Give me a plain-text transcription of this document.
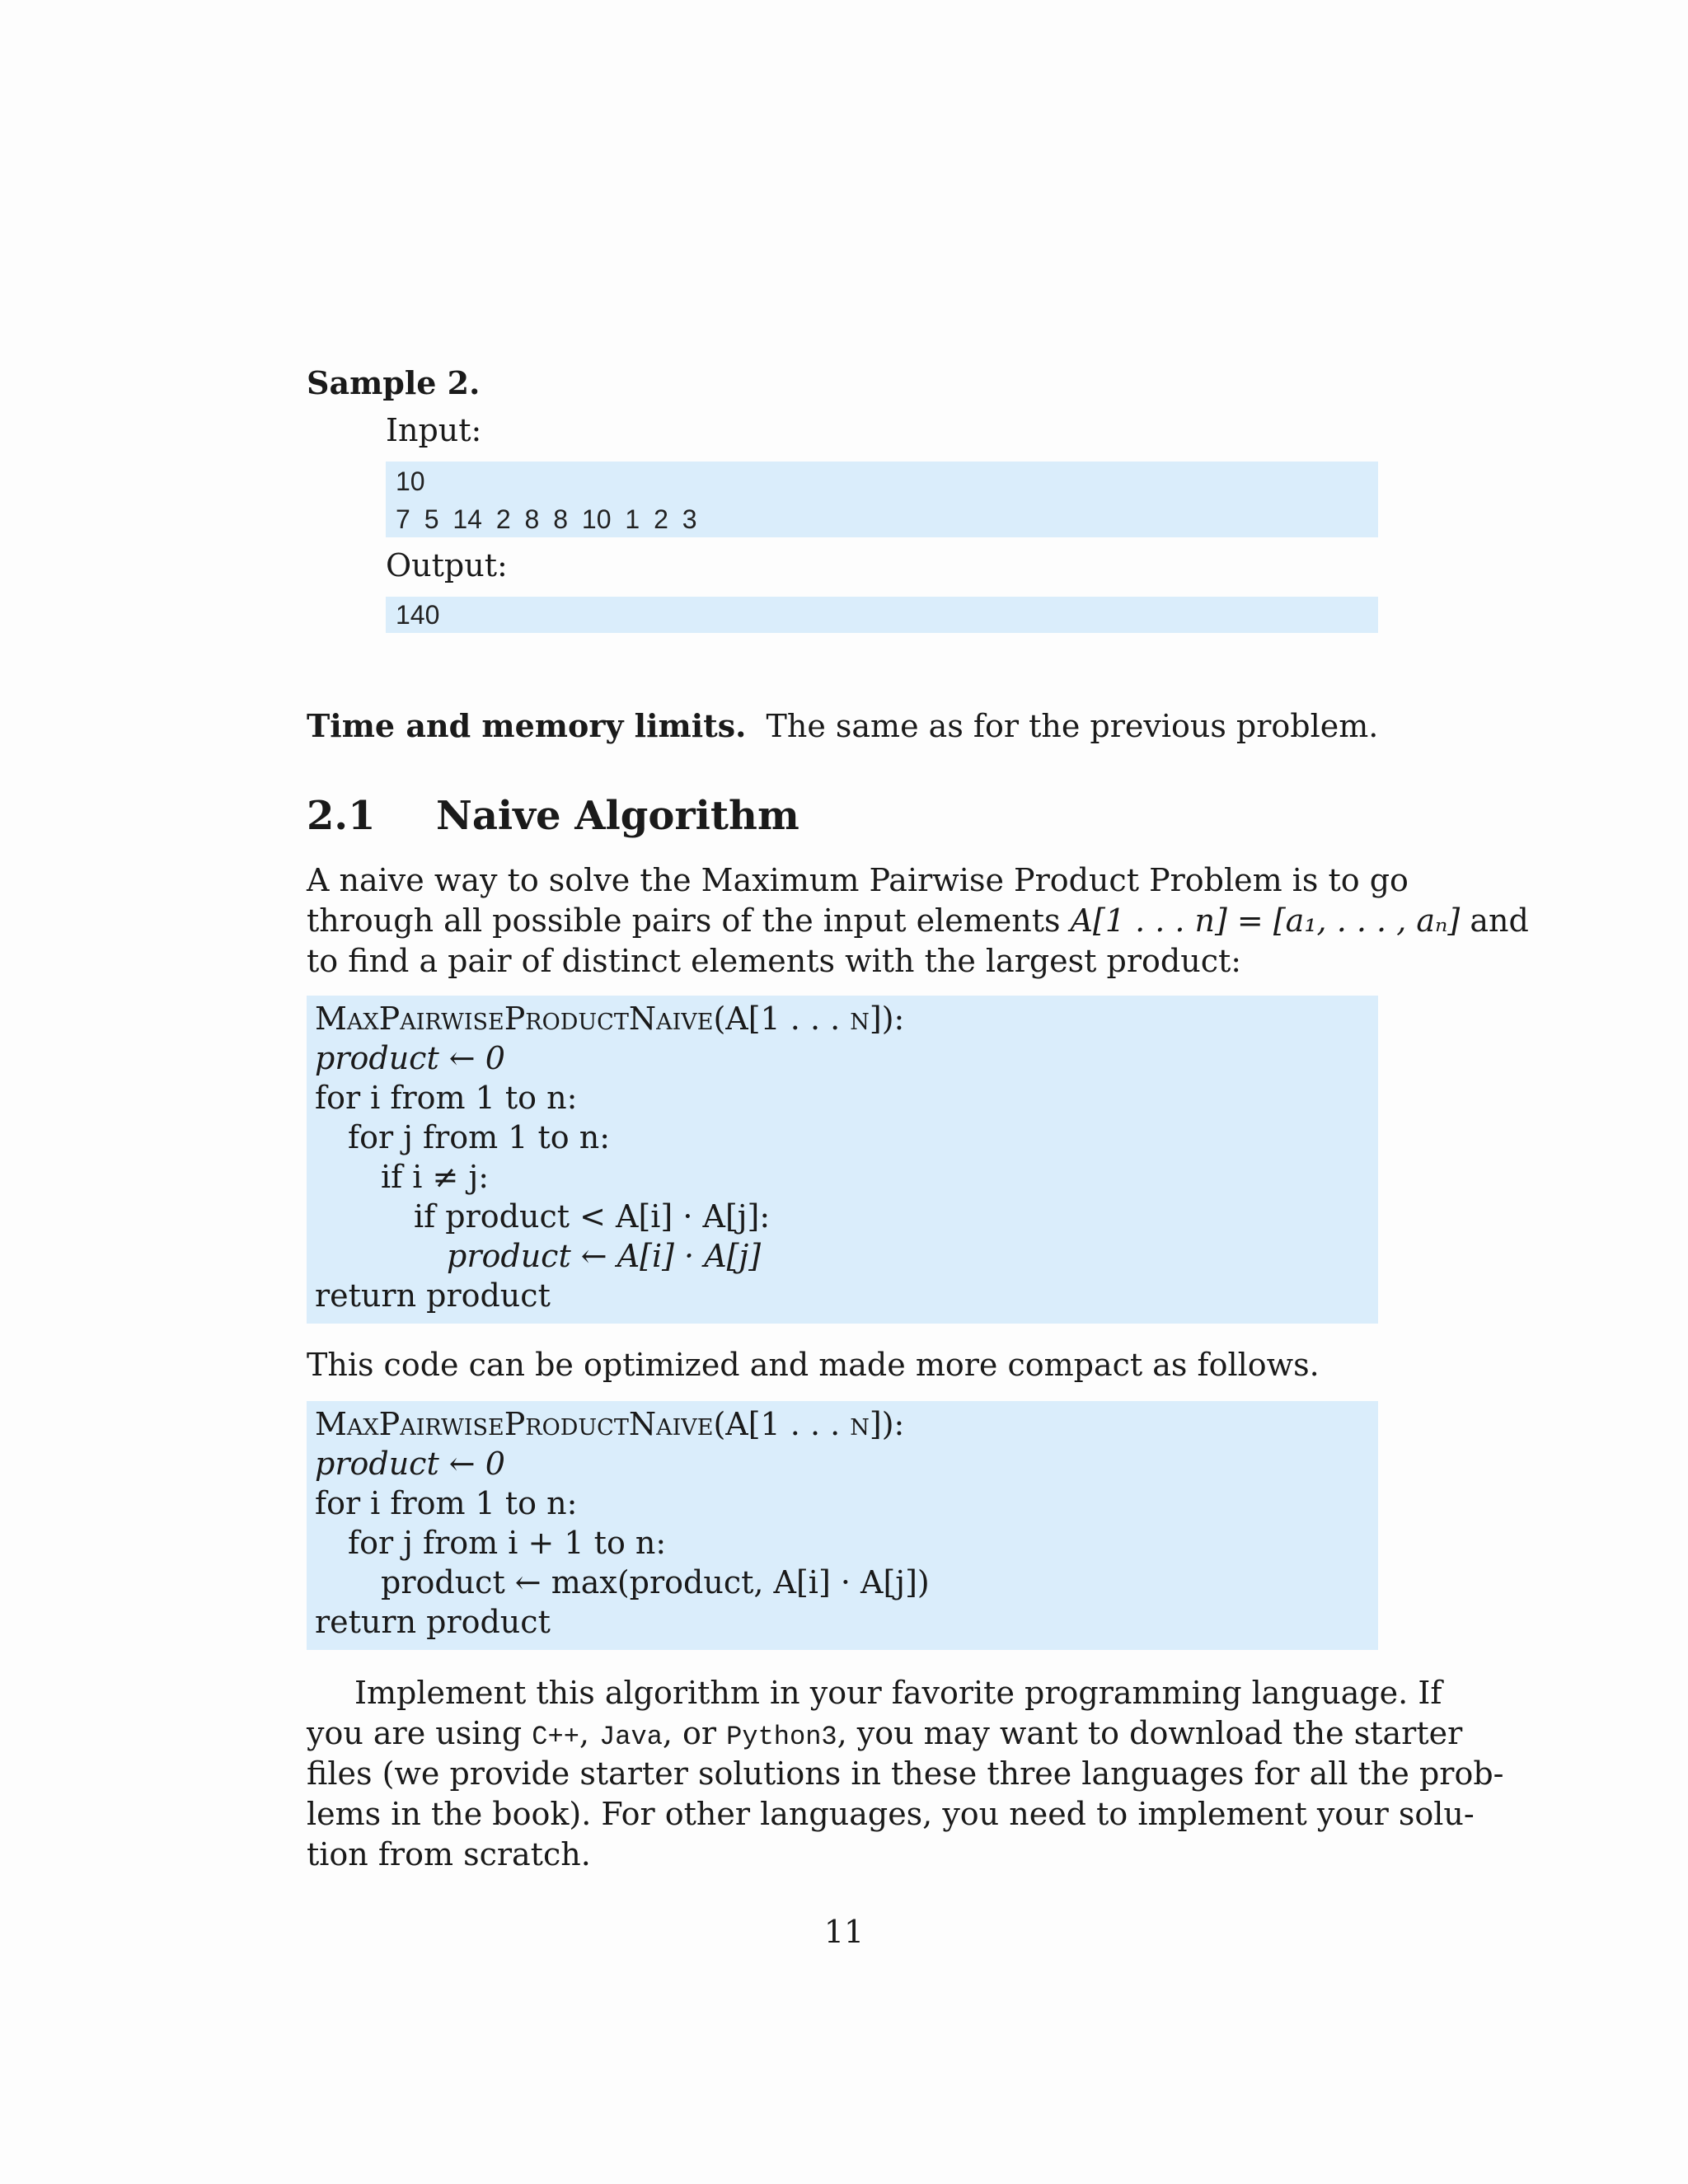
Sample 2.
Input:
10
7 5 14 2 8 8 10 1 2 3
Output:
140
Time and memory limits. The same as for the previous problem.
2.1 Naive Algorithm
A naive way to solve the Maximum Pairwise Product Problem is to go
through all possible pairs of the input elements A[1 . . . n] = [a₁, . . . , aₙ] and
to find a pair of distinct elements with the largest product:
MaxPairwiseProductNaive(A[1 . . . n]):
product ← 0
for i from 1 to n:
for j from 1 to n:
if i ≠ j:
if product < A[i] · A[j]:
product ← A[i] · A[j]
return product
This code can be optimized and made more compact as follows.
MaxPairwiseProductNaive(A[1 . . . n]):
product ← 0
for i from 1 to n:
for j from i + 1 to n:
product ← max(product, A[i] · A[j])
return product
Implement this algorithm in your favorite programming language. If
you are using C++, Java, or Python3, you may want to download the starter
files (we provide starter solutions in these three languages for all the prob-
lems in the book). For other languages, you need to implement your solu-
tion from scratch.
11
